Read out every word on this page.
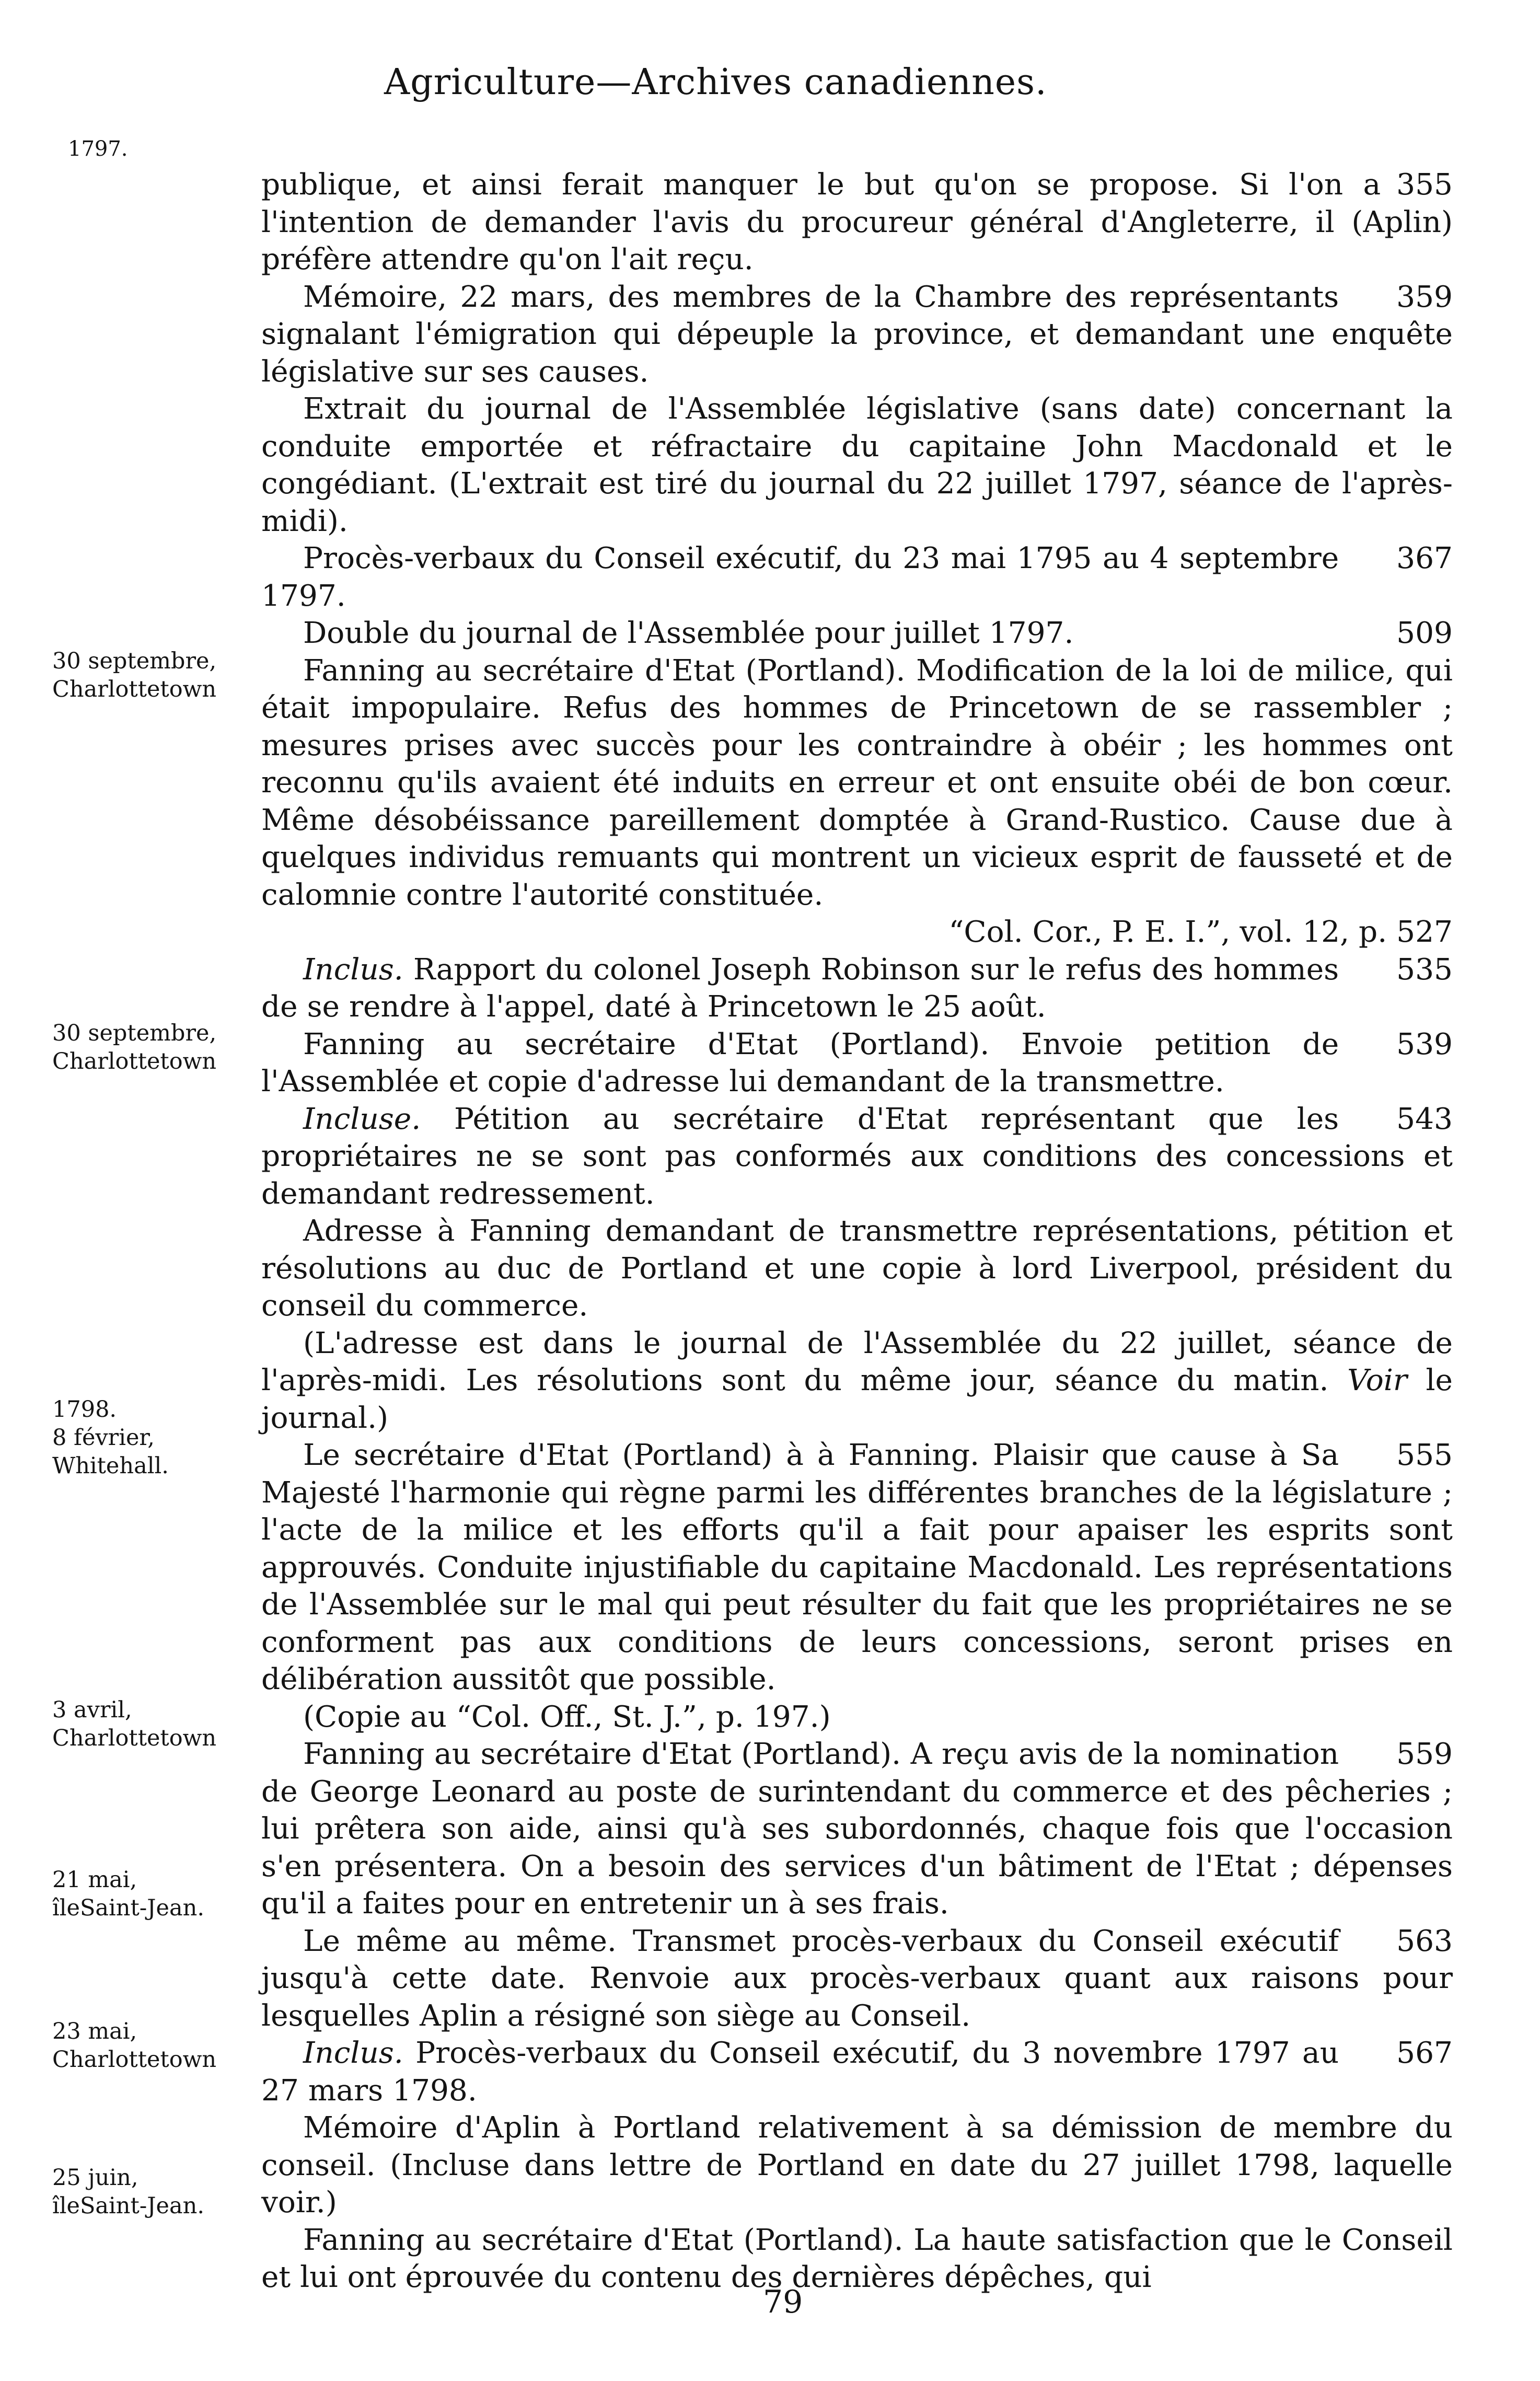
Agriculture—Archives canadiennes.
1797.
30 septembre,
Charlottetown
30 septembre,
Charlottetown
1798.
8 février,
Whitehall.
3 avril,
Charlottetown
21 mai,
îleSaint-Jean.
23 mai,
Charlottetown
25 juin,
îleSaint-Jean.

355
publique, et ainsi ferait manquer le but qu'on se propose. Si l'on a l'intention de demander l'avis du procureur général d'Angleterre, il (Aplin) préfère attendre qu'on l'ait reçu.

359
Mémoire, 22 mars, des membres de la Chambre des représentants signalant l'émigration qui dépeuple la province, et demandant une enquête législative sur ses causes.

Extrait du journal de l'Assemblée législative (sans date) concernant la conduite emportée et réfractaire du capitaine John Macdonald et le congédiant. (L'extrait est tiré du journal du 22 juillet 1797, séance de l'après-midi).

367
Procès-verbaux du Conseil exécutif, du 23 mai 1795 au 4 septembre 1797.

509
Double du journal de l'Assemblée pour juillet 1797.

Fanning au secrétaire d'Etat (Portland). Modification de la loi de milice, qui était impopulaire. Refus des hommes de Princetown de se rassembler ; mesures prises avec succès pour les contraindre à obéir ; les hommes ont reconnu qu'ils avaient été induits en erreur et ont ensuite obéi de bon cœur. Même désobéissance pareillement domptée à Grand-Rustico. Cause due à quelques individus remuants qui montrent un vicieux esprit de fausseté et de calomnie contre l'autorité constituée.

“Col. Cor., P. E. I.”, vol. 12, p. 527

535
Inclus. Rapport du colonel Joseph Robinson sur le refus des hommes de se rendre à l'appel, daté à Princetown le 25 août.

539
Fanning au secrétaire d'Etat (Portland). Envoie petition de l'Assemblée et copie d'adresse lui demandant de la transmettre.

543
Incluse. Pétition au secrétaire d'Etat représentant que les propriétaires ne se sont pas conformés aux conditions des concessions et demandant redressement.

Adresse à Fanning demandant de transmettre représentations, pétition et résolutions au duc de Portland et une copie à lord Liverpool, président du conseil du commerce.

(L'adresse est dans le journal de l'Assemblée du 22 juillet, séance de l'après-midi. Les résolutions sont du même jour, séance du matin. Voir le journal.)

555
Le secrétaire d'Etat (Portland) à à Fanning. Plaisir que cause à Sa Majesté l'harmonie qui règne parmi les différentes branches de la législature ; l'acte de la milice et les efforts qu'il a fait pour apaiser les esprits sont approuvés. Conduite injustifiable du capitaine Macdonald. Les représentations de l'Assemblée sur le mal qui peut résulter du fait que les propriétaires ne se conforment pas aux conditions de leurs concessions, seront prises en délibération aussitôt que possible.

(Copie au “Col. Off., St. J.”, p. 197.)

559
Fanning au secrétaire d'Etat (Portland). A reçu avis de la nomination de George Leonard au poste de surintendant du commerce et des pêcheries ; lui prêtera son aide, ainsi qu'à ses subordonnés, chaque fois que l'occasion s'en présentera. On a besoin des services d'un bâtiment de l'Etat ; dépenses qu'il a faites pour en entretenir un à ses frais.

563
Le même au même. Transmet procès-verbaux du Conseil exécutif jusqu'à cette date. Renvoie aux procès-verbaux quant aux raisons pour lesquelles Aplin a résigné son siège au Conseil.

567
Inclus. Procès-verbaux du Conseil exécutif, du 3 novembre 1797 au 27 mars 1798.

Mémoire d'Aplin à Portland relativement à sa démission de membre du conseil. (Incluse dans lettre de Portland en date du 27 juillet 1798, laquelle voir.)

Fanning au secrétaire d'Etat (Portland). La haute satisfaction que le Conseil et lui ont éprouvée du contenu des dernières dépêches, qui

79
